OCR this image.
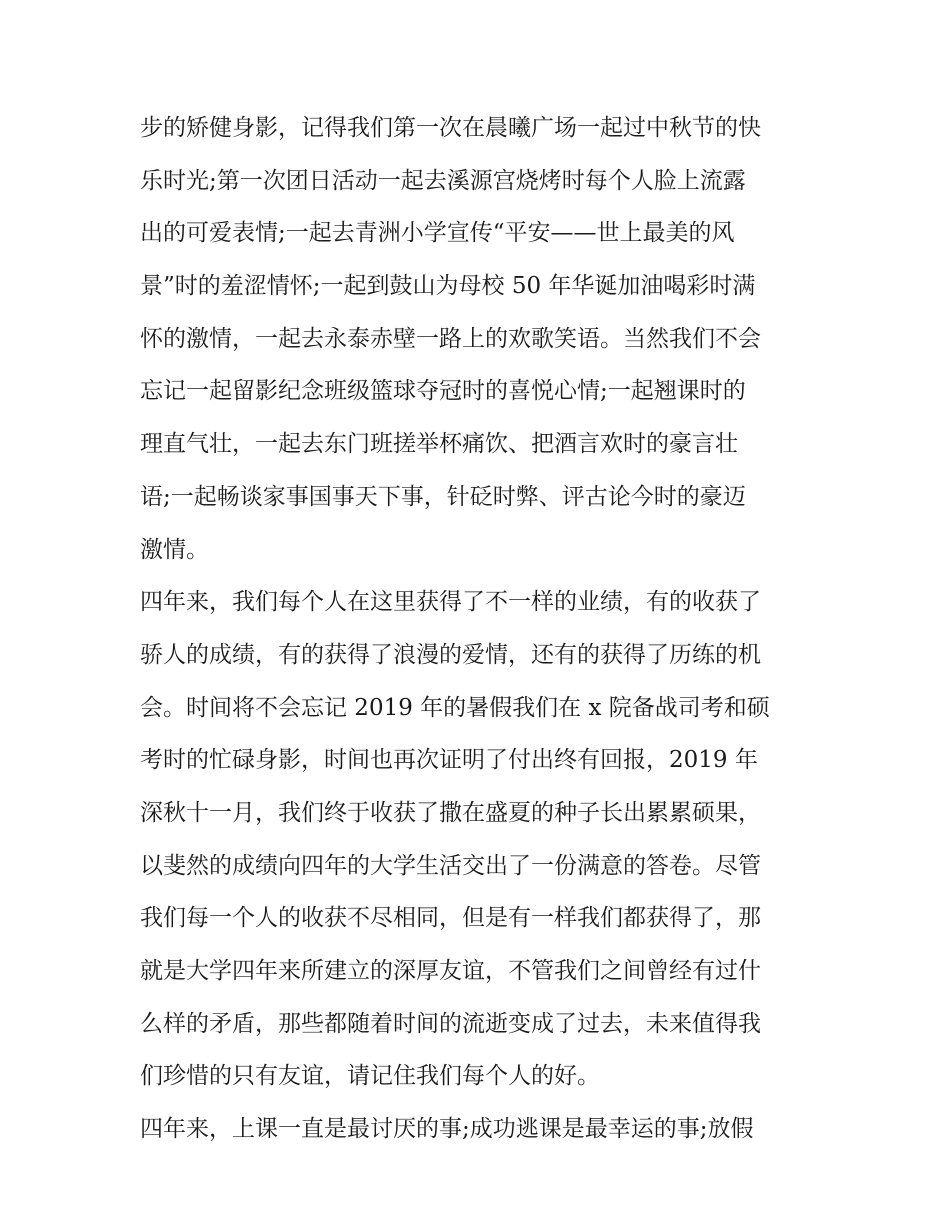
步的矫健身影，记得我们第一次在晨曦广场一起过中秋节的快
乐时光;第一次团日活动一起去溪源宫烧烤时每个人脸上流露
出的可爱表情;一起去青洲小学宣传“平安——世上最美的风
景”时的羞涩情怀;一起到鼓山为母校 50 年华诞加油喝彩时满
怀的激情，一起去永泰赤壁一路上的欢歌笑语。当然我们不会
忘记一起留影纪念班级篮球夺冠时的喜悦心情;一起翘课时的
理直气壮，一起去东门班搓举杯痛饮、把酒言欢时的豪言壮
语;一起畅谈家事国事天下事，针砭时弊、评古论今时的豪迈
激情。
四年来，我们每个人在这里获得了不一样的业绩，有的收获了
骄人的成绩，有的获得了浪漫的爱情，还有的获得了历练的机
会。时间将不会忘记 2019 年的暑假我们在 x 院备战司考和硕
考时的忙碌身影，时间也再次证明了付出终有回报，2019 年
深秋十一月，我们终于收获了撒在盛夏的种子长出累累硕果，
以斐然的成绩向四年的大学生活交出了一份满意的答卷。尽管
我们每一个人的收获不尽相同，但是有一样我们都获得了，那
就是大学四年来所建立的深厚友谊，不管我们之间曾经有过什
么样的矛盾，那些都随着时间的流逝变成了过去，未来值得我
们珍惜的只有友谊，请记住我们每个人的好。
四年来，上课一直是最讨厌的事;成功逃课是最幸运的事;放假
